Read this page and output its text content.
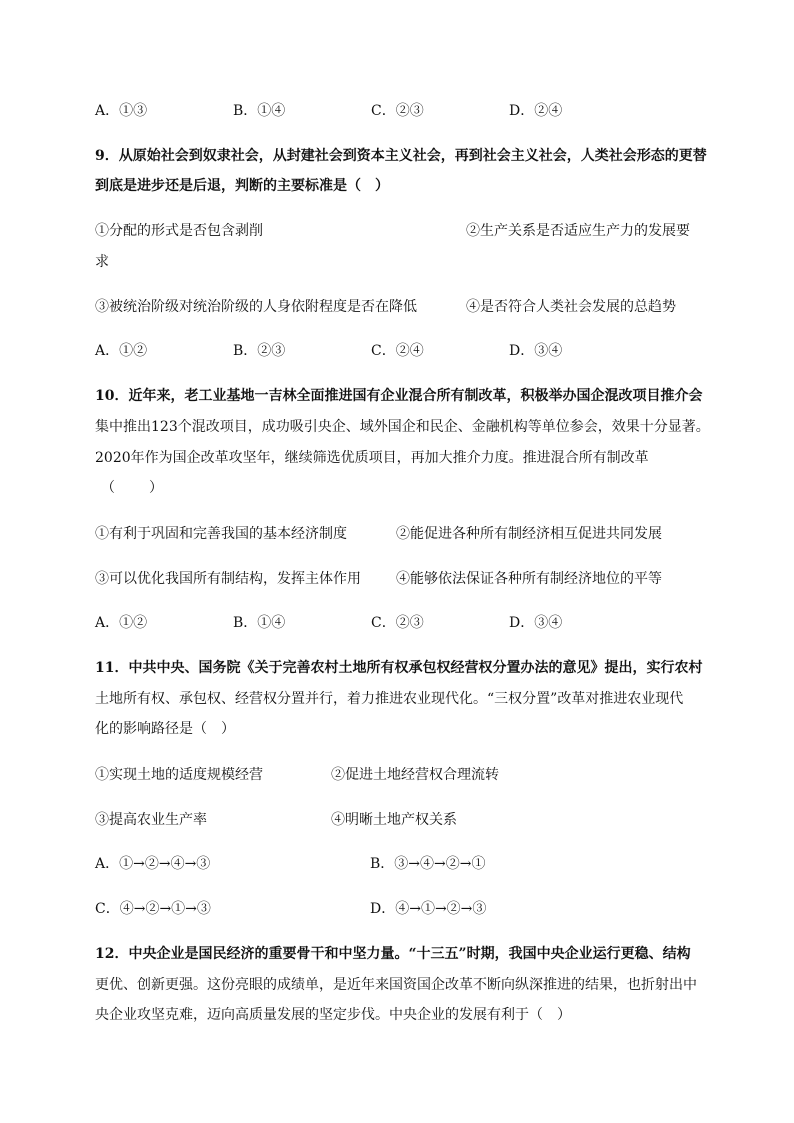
A．①③	B．①④	C．②③	D．②④
9．从原始社会到奴隶社会，从封建社会到资本主义社会，再到社会主义社会，人类社会形态的更替
到底是进步还是后退，判断的主要标准是（　）
①分配的形式是否包含剥削	②生产关系是否适应生产力的发展要
求
③被统治阶级对统治阶级的人身依附程度是否在降低	④是否符合人类社会发展的总趋势
A．①②	B．②③	C．②④	D．③④
10．近年来，老工业基地一吉林全面推进国有企业混合所有制改革，积极举办国企混改项目推介会
集中推出123个混改项目，成功吸引央企、域外国企和民企、金融机构等单位参会，效果十分显著。
2020年作为国企改革攻坚年，继续筛选优质项目，再加大推介力度。推进混合所有制改革
（　　）
①有利于巩固和完善我国的基本经济制度	②能促进各种所有制经济相互促进共同发展
③可以优化我国所有制结构，发挥主体作用	④能够依法保证各种所有制经济地位的平等
A．①②	B．①④	C．②③	D．③④
11．中共中央、国务院《关于完善农村土地所有权承包权经营权分置办法的意见》提出，实行农村
土地所有权、承包权、经营权分置并行，着力推进农业现代化。“三权分置”改革对推进农业现代
化的影响路径是（　）
①实现土地的适度规模经营	②促进土地经营权合理流转
③提高农业生产率	④明晰土地产权关系
A．①→②→④→③	B．③→④→②→①
C．④→②→①→③	D．④→①→②→③
12．中央企业是国民经济的重要骨干和中坚力量。“十三五”时期，我国中央企业运行更稳、结构
更优、创新更强。这份亮眼的成绩单，是近年来国资国企改革不断向纵深推进的结果，也折射出中
央企业攻坚克难，迈向高质量发展的坚定步伐。中央企业的发展有利于（　）
